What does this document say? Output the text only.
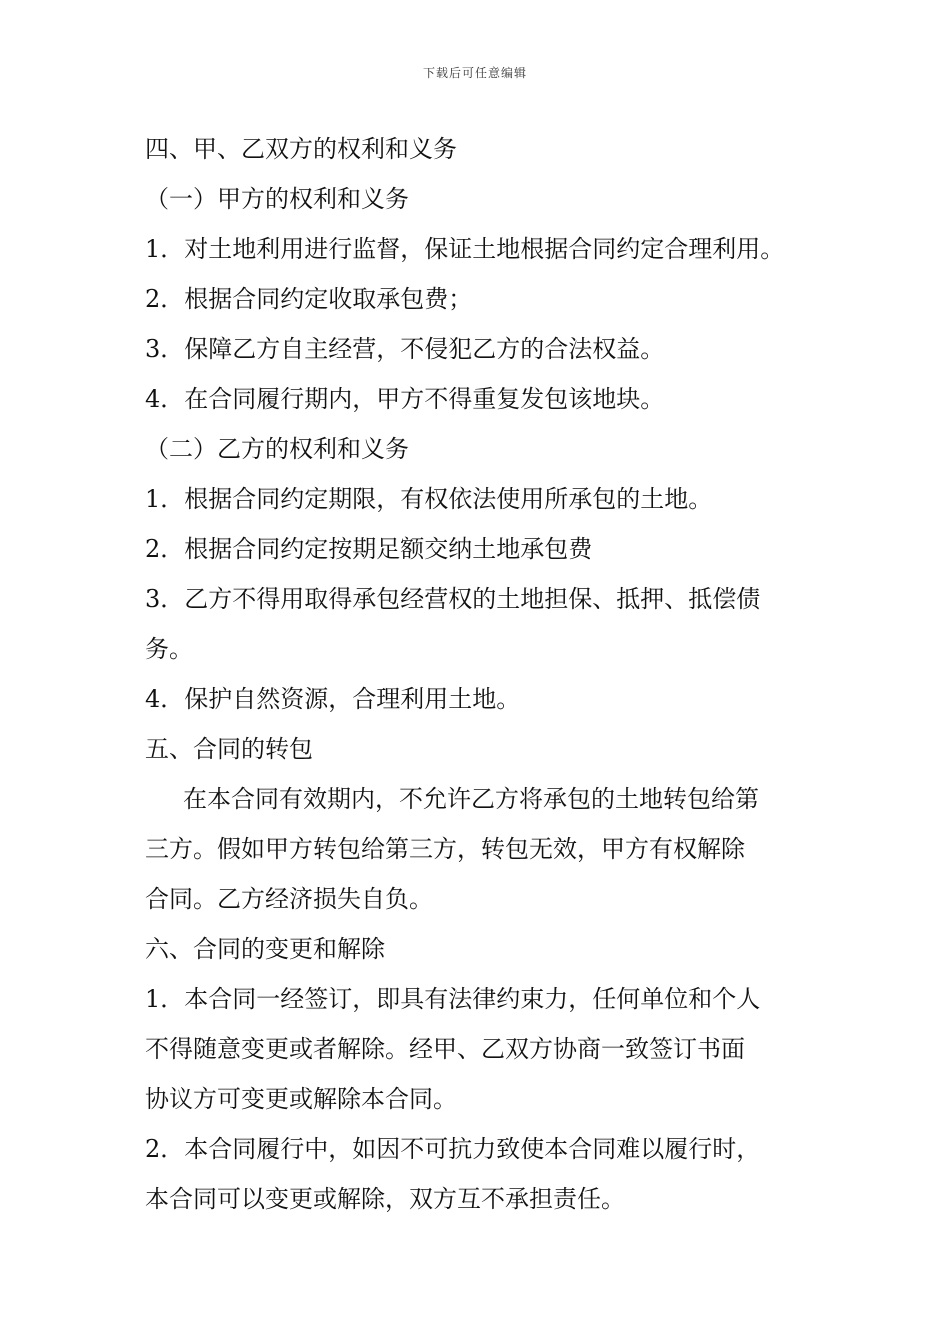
下载后可任意编辑
四、甲、乙双方的权利和义务
（一）甲方的权利和义务
1．对土地利用进行监督，保证土地根据合同约定合理利用。
2．根据合同约定收取承包费；
3．保障乙方自主经营，不侵犯乙方的合法权益。
4．在合同履行期内，甲方不得重复发包该地块。
（二）乙方的权利和义务
1．根据合同约定期限，有权依法使用所承包的土地。
2．根据合同约定按期足额交纳土地承包费
3．乙方不得用取得承包经营权的土地担保、抵押、抵偿债
务。
4．保护自然资源，合理利用土地。
五、合同的转包
在本合同有效期内，不允许乙方将承包的土地转包给第
三方。假如甲方转包给第三方，转包无效，甲方有权解除
合同。乙方经济损失自负。
六、合同的变更和解除
1．本合同一经签订，即具有法律约束力，任何单位和个人
不得随意变更或者解除。经甲、乙双方协商一致签订书面
协议方可变更或解除本合同。
2．本合同履行中，如因不可抗力致使本合同难以履行时，
本合同可以变更或解除，双方互不承担责任。
